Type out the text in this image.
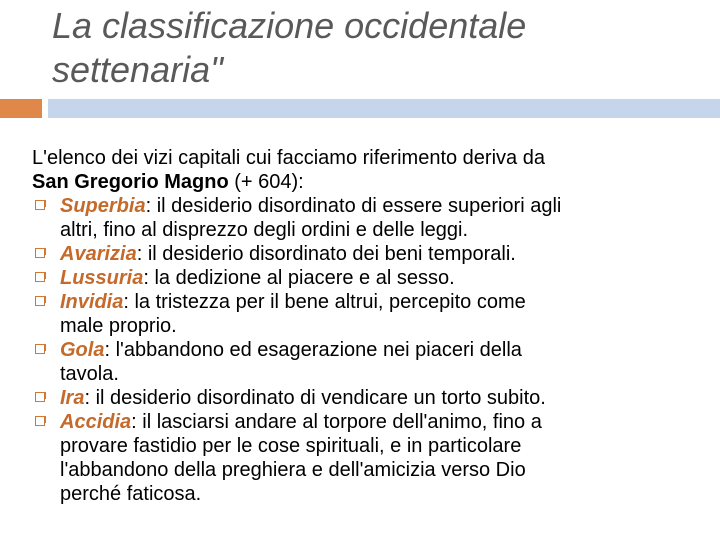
La classificazione occidentale
settenaria"
L'elenco dei vizi capitali cui facciamo riferimento deriva da
San Gregorio Magno (+ 604):
Superbia: il desiderio disordinato di essere superiori agli
altri, fino al disprezzo degli ordini e delle leggi.
Avarizia: il desiderio disordinato dei beni temporali.
Lussuria: la dedizione al piacere e al sesso.
Invidia: la tristezza per il bene altrui, percepito come
male proprio.
Gola: l'abbandono ed esagerazione nei piaceri della
tavola.
Ira: il desiderio disordinato di vendicare un torto subito.
Accidia: il lasciarsi andare al torpore dell'animo, fino a
provare fastidio per le cose spirituali, e in particolare
l'abbandono della preghiera e dell'amicizia verso Dio
perché faticosa.
